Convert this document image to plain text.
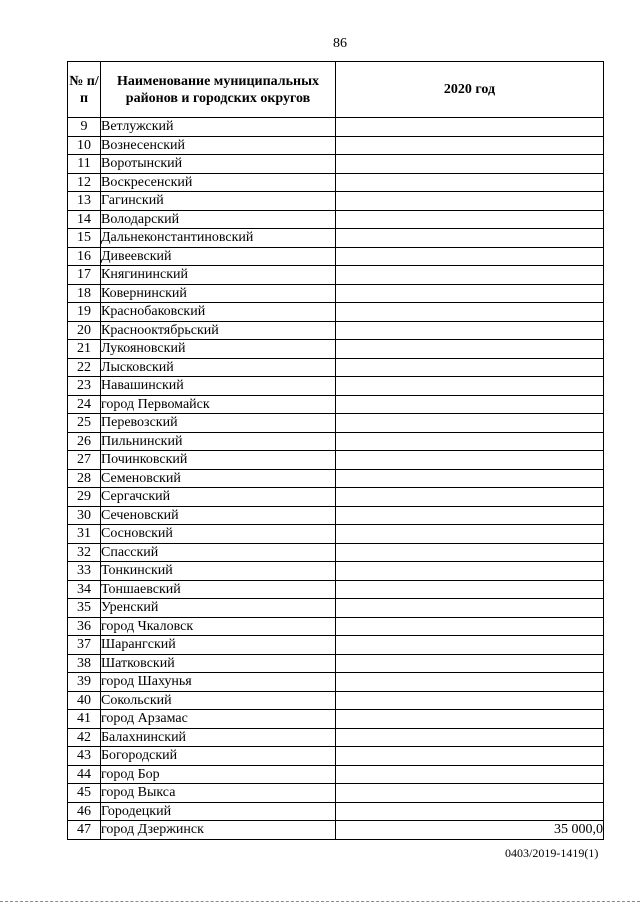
86
№ п/п	Наименование муниципальных районов и городских округов	2020 год
9	Ветлужский	
10	Вознесенский	
11	Воротынский	
12	Воскресенский	
13	Гагинский	
14	Володарский	
15	Дальнеконстантиновский	
16	Дивеевский	
17	Княгининский	
18	Ковернинский	
19	Краснобаковский	
20	Краснооктябрьский	
21	Лукояновский	
22	Лысковский	
23	Навашинский	
24	город Первомайск	
25	Перевозский	
26	Пильнинский	
27	Починковский	
28	Семеновский	
29	Сергачский	
30	Сеченовский	
31	Сосновский	
32	Спасский	
33	Тонкинский	
34	Тоншаевский	
35	Уренский	
36	город Чкаловск	
37	Шарангский	
38	Шатковский	
39	город Шахунья	
40	Сокольский	
41	город Арзамас	
42	Балахнинский	
43	Богородский	
44	город Бор	
45	город Выкса	
46	Городецкий	
47	город Дзержинск	35 000,0
0403/2019-1419(1)
